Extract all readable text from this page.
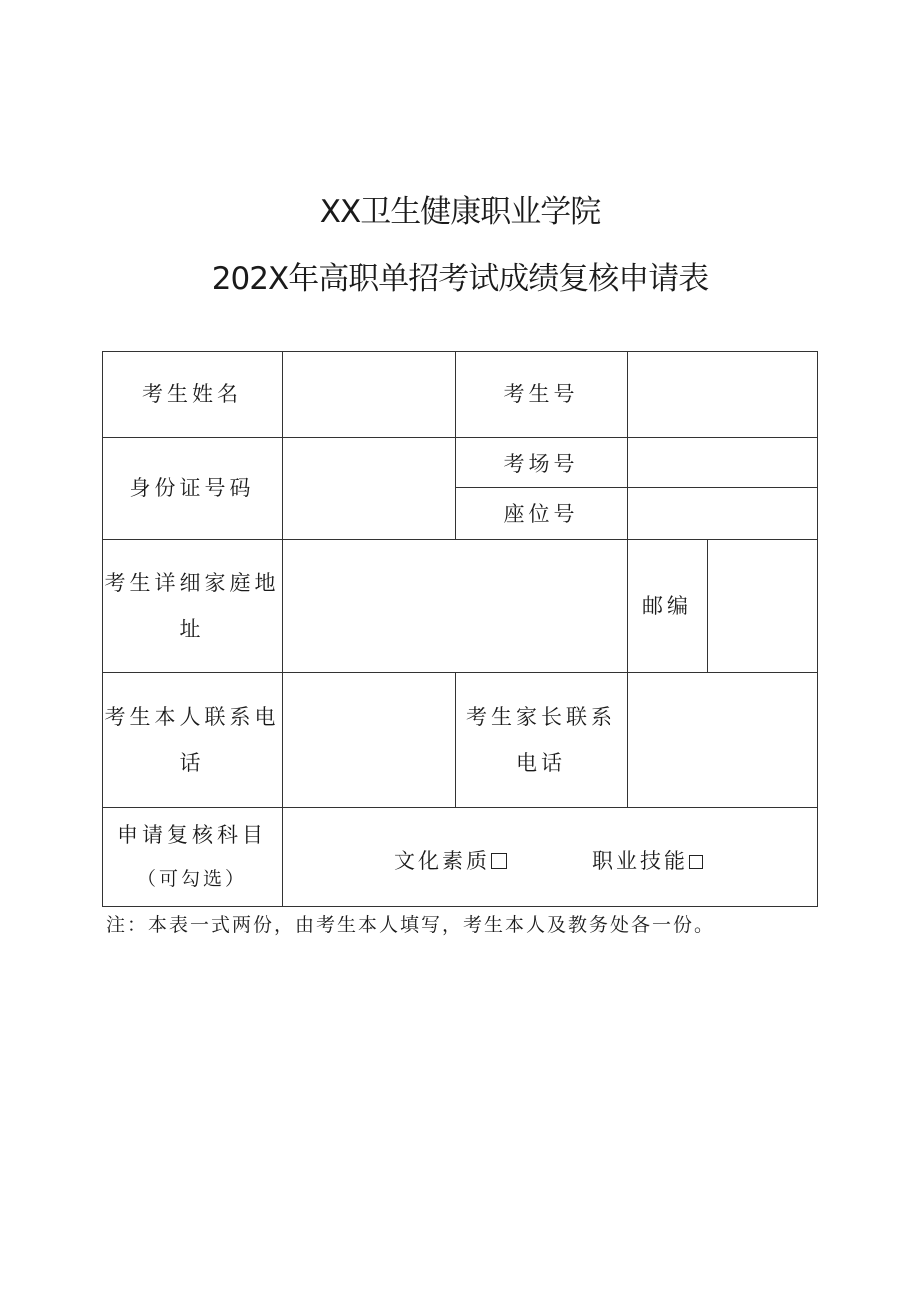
XX卫生健康职业学院
202X年高职单招考试成绩复核申请表
考生姓名	考生号
身份证号码
考场号
座位号
考生详细家庭地
址
邮编
考生本人联系电
话
考生家长联系
电话
申请复核科目
（可勾选）
文化素质	职业技能
注：本表一式两份，由考生本人填写，考生本人及教务处各一份。
